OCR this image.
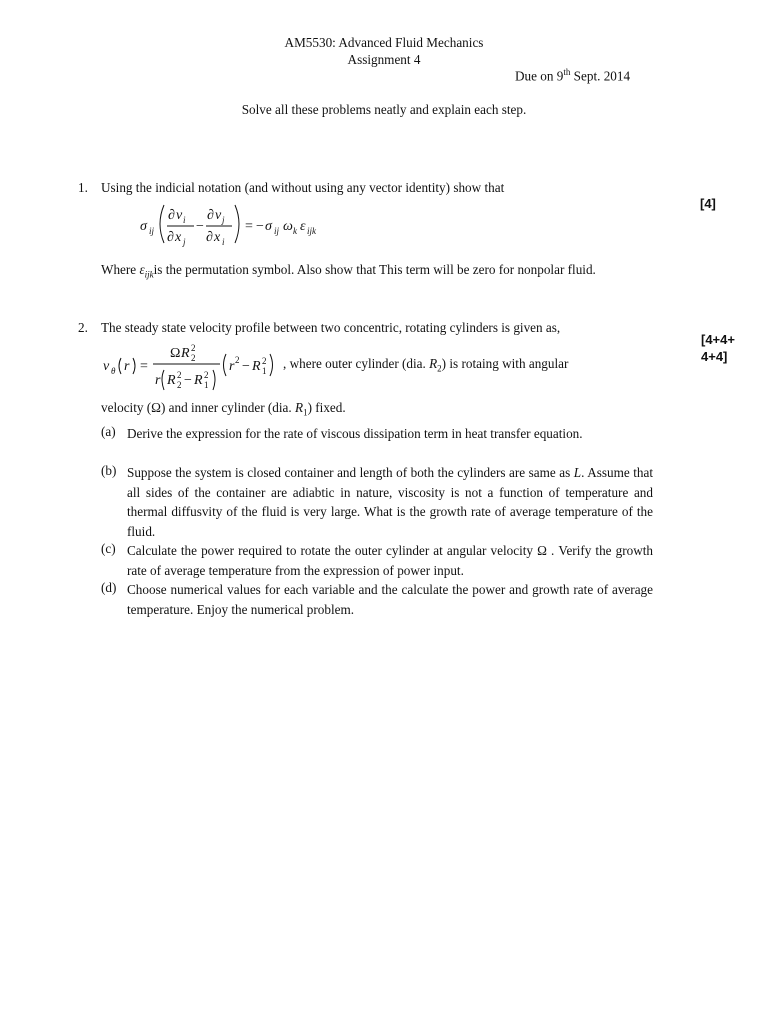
AM5530: Advanced Fluid Mechanics
Assignment 4
Due on 9th Sept. 2014
Solve all these problems neatly and explain each step.
1. Using the indicial notation (and without using any vector identity) show that
[4]
σ ij
∂ v i
∂ x j
−
∂ v j
∂ x i
= − σ ij ω k ε ijk
Where $\varepsilon_{ijk}is$ the permutation symbol. Also show that This term will be zero for nonpolar fluid.
2. The steady state velocity profile between two concentric, rotating cylinders is given as,
[4+4+
4+4]
v θ r =
Ω R 2
2
r R 2
2 − R 2
1
r 2 − R 2
1 , where outer cylinder (dia. $R_2$) is rotaing with angular
velocity (Ω) and inner cylinder (dia. $R_1$) fixed.
(a) Derive the expression for the rate of viscous dissipation term in heat transfer equation.
(b) Suppose the system is closed container and length of both the cylinders are same as L. Assume that all sides of the container are adiabtic in nature, viscosity is not a function of temperature and thermal diffusvity of the fluid is very large. What is the growth rate of average temperature of the fluid.
(c) Calculate the power required to rotate the outer cylinder at angular velocity Ω . Verify the growth rate of average temperature from the expression of power input.
(d) Choose numerical values for each variable and the calculate the power and growth rate of average temperature. Enjoy the numerical problem.
